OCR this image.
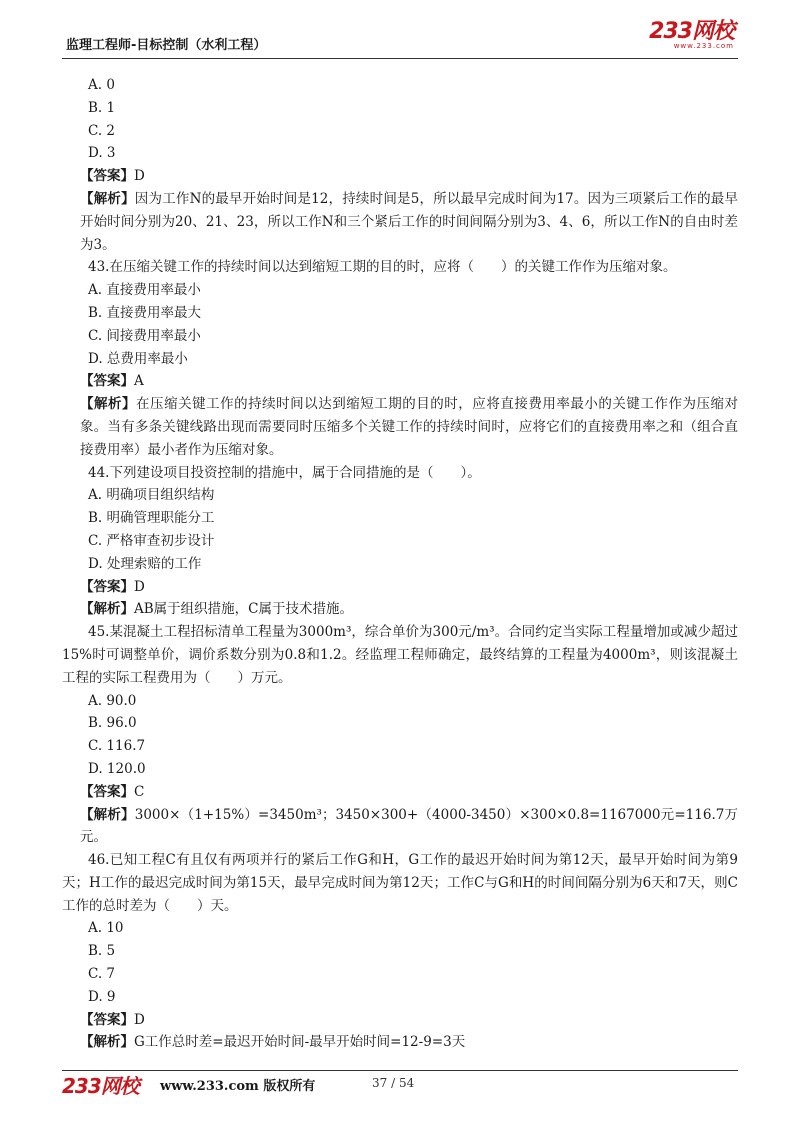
监理工程师-目标控制（水利工程）
233网校
www.233.com
A. 0
B. 1
C. 2
D. 3
【答案】D
【解析】因为工作N的最早开始时间是12，持续时间是5，所以最早完成时间为17。因为三项紧后工作的最早开始时间分别为20、21、23，所以工作N和三个紧后工作的时间间隔分别为3、4、6，所以工作N的自由时差为3。
43.在压缩关键工作的持续时间以达到缩短工期的目的时，应将（　　）的关键工作作为压缩对象。
A. 直接费用率最小
B. 直接费用率最大
C. 间接费用率最小
D. 总费用率最小
【答案】A
【解析】在压缩关键工作的持续时间以达到缩短工期的目的时，应将直接费用率最小的关键工作作为压缩对象。当有多条关键线路出现而需要同时压缩多个关键工作的持续时间时，应将它们的直接费用率之和（组合直接费用率）最小者作为压缩对象。
44.下列建设项目投资控制的措施中，属于合同措施的是（　　）。
A. 明确项目组织结构
B. 明确管理职能分工
C. 严格审查初步设计
D. 处理索赔的工作
【答案】D
【解析】AB属于组织措施，C属于技术措施。
45.某混凝土工程招标清单工程量为3000m³，综合单价为300元/m³。合同约定当实际工程量增加或减少超过15%时可调整单价，调价系数分别为0.8和1.2。经监理工程师确定，最终结算的工程量为4000m³，则该混凝土工程的实际工程费用为（　　）万元。
A. 90.0
B. 96.0
C. 116.7
D. 120.0
【答案】C
【解析】3000×（1+15%）=3450m³；3450×300+（4000-3450）×300×0.8=1167000元=116.7万元。
46.已知工程C有且仅有两项并行的紧后工作G和H，G工作的最迟开始时间为第12天，最早开始时间为第9天；H工作的最迟完成时间为第15天，最早完成时间为第12天；工作C与G和H的时间间隔分别为6天和7天，则C工作的总时差为（　　）天。
A. 10
B. 5
C. 7
D. 9
【答案】D
【解析】G工作总时差=最迟开始时间-最早开始时间=12-9=3天
233网校 www.233.com 版权所有	37 / 54
